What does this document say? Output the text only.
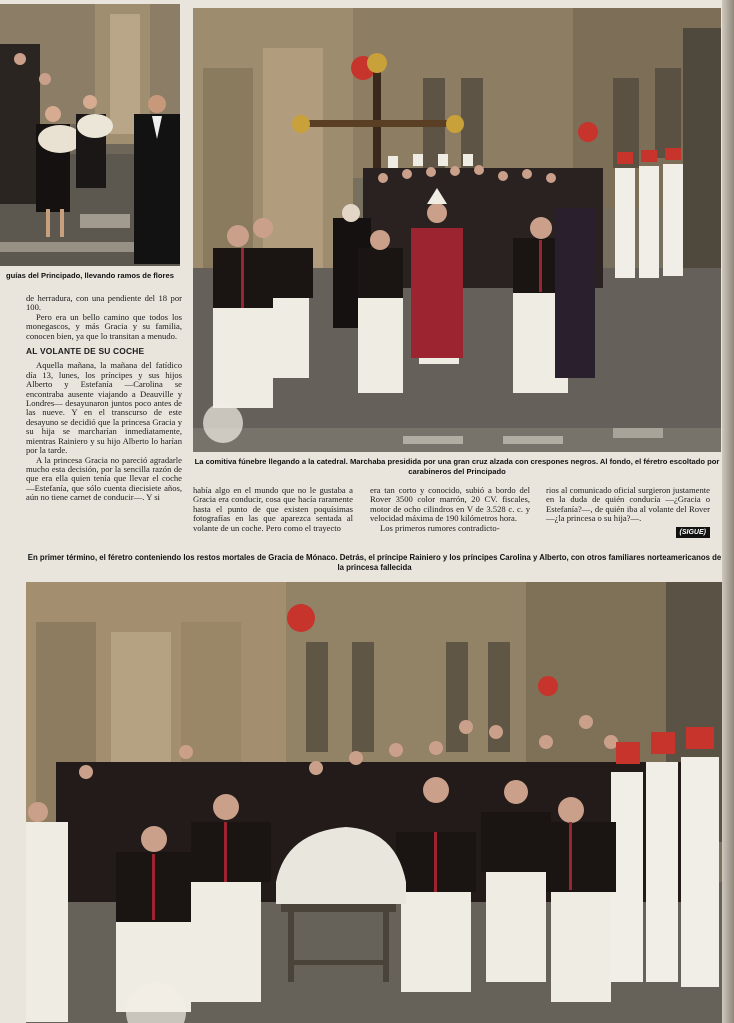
guías del Principado, llevando ramos de flores
La comitiva fúnebre llegando a la catedral. Marchaba presidida por una gran cruz alzada con crespones negros. Al fondo, el féretro escoltado por carabineros del Principado

de herradura, con una pendiente del 18 por 100.

Pero era un bello camino que todos los monegascos, y más Gracia y su familia, conocen bien, ya que lo transitan a menudo.

AL VOLANTE DE SU COCHE

Aquella mañana, la mañana del fatídico día 13, lunes, los príncipes y sus hijos Alberto y Estefanía —Carolina se encontraba ausente viajando a Deauville y Londres— desayunaron juntos poco antes de las nueve. Y en el transcurso de este desayuno se decidió que la princesa Gracia y su hija se marcharían inmediatamente, mientras Rainiero y su hijo Alberto lo harían por la tarde.

A la princesa Gracia no pareció agradarle mucho esta decisión, por la sencilla razón de que era ella quien tenía que llevar el coche —Estefanía, que sólo cuenta diecisiete años, aún no tiene carnet de conducir—. Y si

había algo en el mundo que no le gustaba a Gracia era conducir, cosa que hacía raramente hasta el punto de que existen poquísimas fotografías en las que aparezca sentada al volante de un coche. Pero como el trayecto

era tan corto y conocido, subió a bordo del Rover 3500 color marrón, 20 CV. fiscales, motor de ocho cilindros en V de 3.528 c. c. y velocidad máxima de 190 kilómetros hora.

Los primeros rumores contradicto-

rios al comunicado oficial surgieron justamente en la duda de quién conducía —¿Gracia o Estefanía?—, de quién iba al volante del Rover —¿la princesa o su hija?—.

(SIGUE)
En primer término, el féretro conteniendo los restos mortales de Gracia de Mónaco. Detrás, el príncipe Rainiero y los príncipes Carolina y Alberto, con otros familiares norteamericanos de la princesa fallecida
